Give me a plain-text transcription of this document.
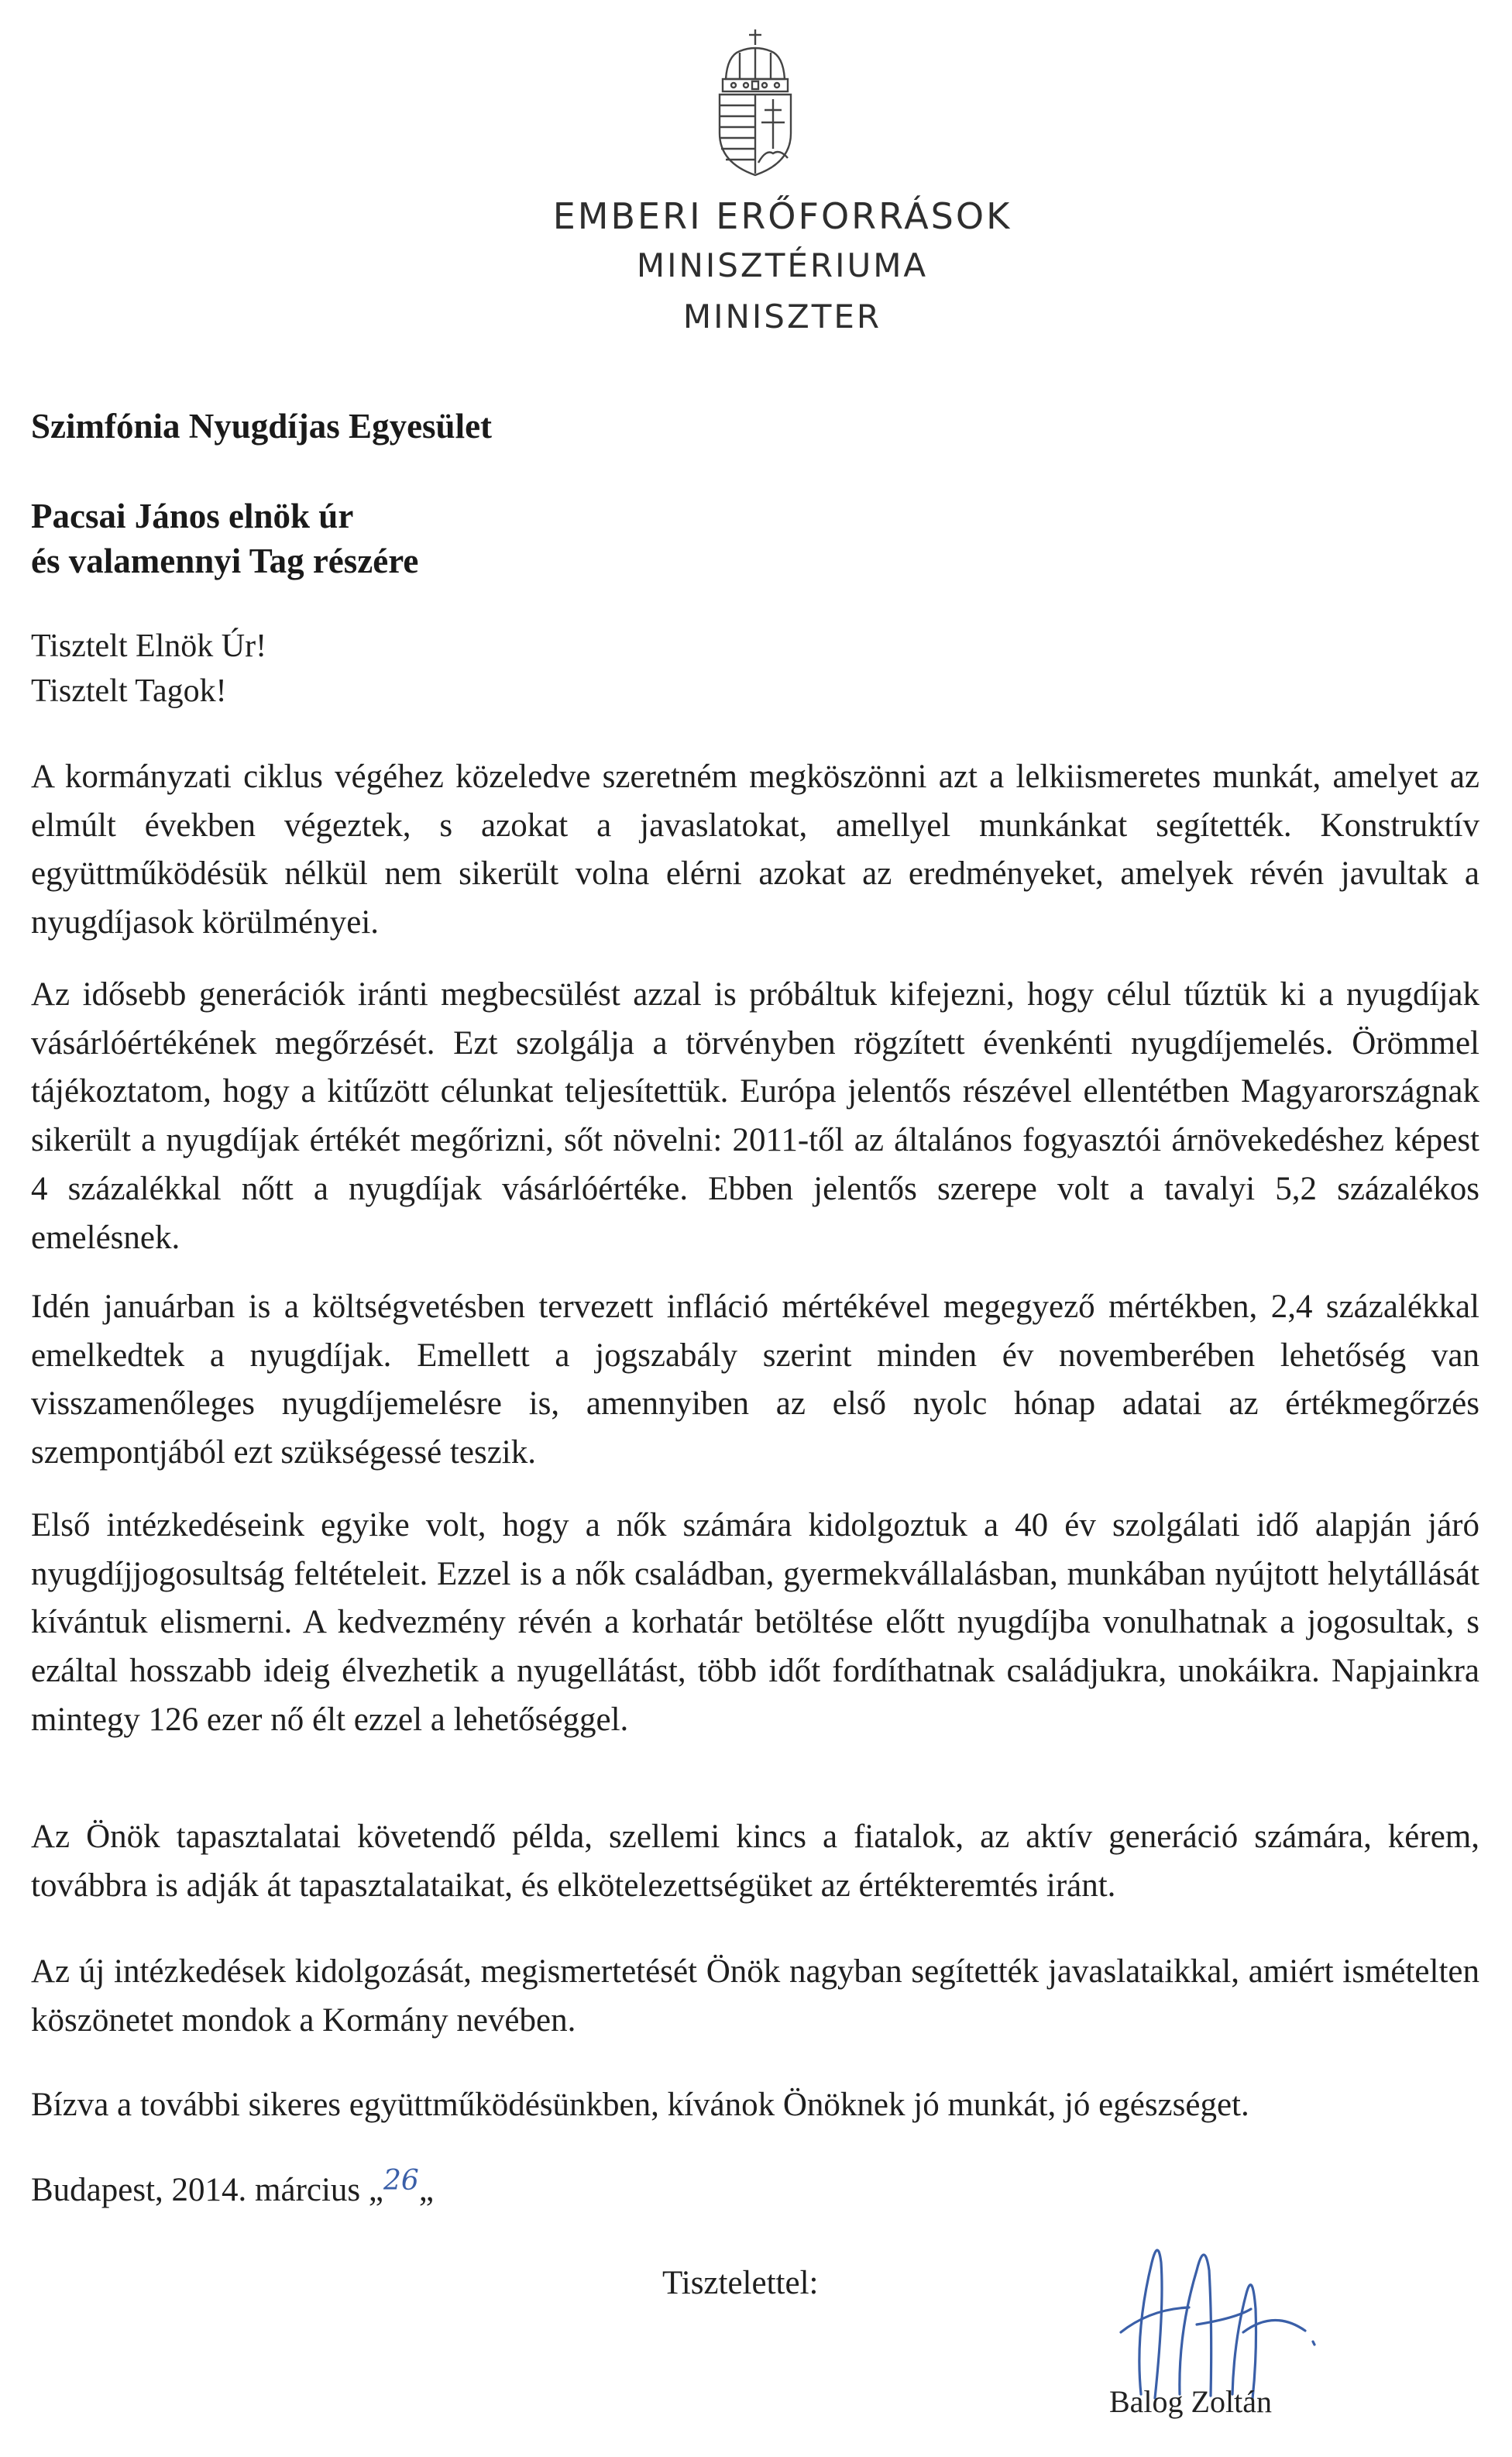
EMBERI ERŐFORRÁSOK
MINISZTÉRIUMA
MINISZTER
Szimfónia Nyugdíjas Egyesület
Pacsai János elnök úr
és valamennyi Tag részére
Tisztelt Elnök Úr!
Tisztelt Tagok!

A kormányzati ciklus végéhez közeledve szeretném megköszönni azt a lelkiismeretes munkát, amelyet az elmúlt években végeztek, s azokat a javaslatokat, amellyel munkánkat segítették. Konstruktív együttműködésük nélkül nem sikerült volna elérni azokat az eredményeket, amelyek révén javultak a nyugdíjasok körülményei.

Az idősebb generációk iránti megbecsülést azzal is próbáltuk kifejezni, hogy célul tűztük ki a nyugdíjak vásárlóértékének megőrzését. Ezt szolgálja a törvényben rögzített évenkénti nyugdíjemelés. Örömmel tájékoztatom, hogy a kitűzött célunkat teljesítettük. Európa jelentős részével ellentétben Magyarországnak sikerült a nyugdíjak értékét megőrizni, sőt növelni: 2011-től az általános fogyasztói árnövekedéshez képest 4 százalékkal nőtt a nyugdíjak vásárlóértéke. Ebben jelentős szerepe volt a tavalyi 5,2 százalékos emelésnek.

Idén januárban is a költségvetésben tervezett infláció mértékével megegyező mértékben, 2,4 százalékkal emelkedtek a nyugdíjak. Emellett a jogszabály szerint minden év novemberében lehetőség van visszamenőleges nyugdíjemelésre is, amennyiben az első nyolc hónap adatai az értékmegőrzés szempontjából ezt szükségessé teszik.

Első intézkedéseink egyike volt, hogy a nők számára kidolgoztuk a 40 év szolgálati idő alapján járó nyugdíjjogosultság feltételeit. Ezzel is a nők családban, gyermekvállalásban, munkában nyújtott helytállását kívántuk elismerni. A kedvezmény révén a korhatár betöltése előtt nyugdíjba vonulhatnak a jogosultak, s ezáltal hosszabb ideig élvezhetik a nyugellátást, több időt fordíthatnak családjukra, unokáikra. Napjainkra mintegy 126 ezer nő élt ezzel a lehetőséggel.

Az Önök tapasztalatai követendő példa, szellemi kincs a fiatalok, az aktív generáció számára, kérem, továbbra is adják át tapasztalataikat, és elkötelezettségüket az értékteremtés iránt.

Az új intézkedések kidolgozását, megismertetését Önök nagyban segítették javaslataikkal, amiért ismételten köszönetet mondok a Kormány nevében.

Bízva a további sikeres együttműködésünkben, kívánok Önöknek jó munkát, jó egészséget.

Budapest, 2014. március „$^{26}$„
Tisztelettel:
Balog Zoltán
